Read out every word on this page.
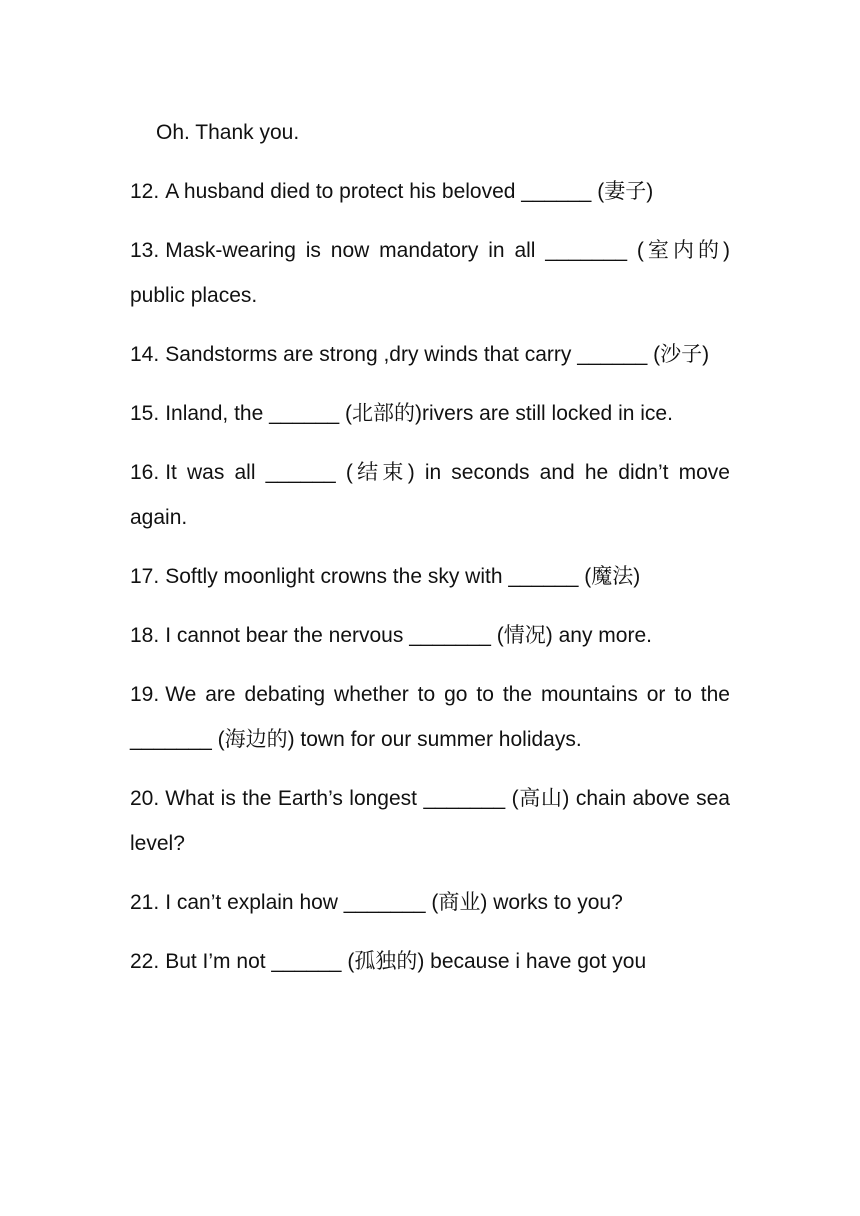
Oh. Thank you.
12. A husband died to protect his beloved ______ (妻子)
13. Mask-wearing is now mandatory in all _______ (室内的) public places.
14. Sandstorms are strong ,dry winds that carry ______ (沙子)
15. Inland, the ______ (北部的)rivers are still locked in ice.
16. It was all ______ (结束) in seconds and he didn’t move again.
17. Softly moonlight crowns the sky with ______ (魔法)
18. I cannot bear the nervous _______ (情况) any more.
19. We are debating whether to go to the mountains or to the _______ (海边的) town for our summer holidays.
20. What is the Earth’s longest _______ (高山) chain above sea level?
21. I can’t explain how _______ (商业) works to you?
22. But I’m not ______ (孤独的) because i have got you
